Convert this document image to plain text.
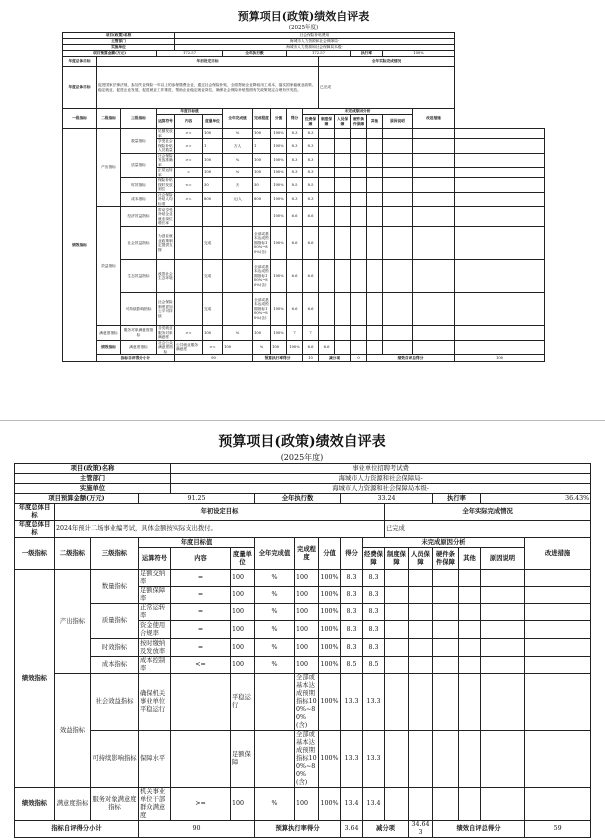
预算项目(政策)绩效自评表
(2025年度)
项目(政策)名称				社会保险补贴费用													
主管部门				海城市人力资源和社会保障局-													
实施单位				海城市人力资源和社会保障局本级-													
项目预算金额(万元)			172.57			全年执行数			172.57				执行率		100%		
年度总体目标	年初设定目标										全年实际完成情况						
年度总体目标	促进国家法律法规，参加失业保险一年以上的参保缴费企业，通过社会保险补贴，全面帮助企业降低用工成本，落实国家稳就业政策，稳定就业，促进企业发展，促进就业工作推进，帮助企业稳定就业岗位，确保社会保险补贴按照有关政策规定合理有序发放。										已完成						
一级指标	二级指标	三级指标	年度目标值			全年完成值	完成程度	分值	得分	未完成原因分析						改进措施	
			运算符号	内容	度量单位					经费保障	制度保障	人员保障	硬件条件保障	其他	原因说明		
绩效指标	产出指标	数量指标	足额发放率	>=	100	%	100	100%	8.3	8.3							
			享受社会保险补贴人员数量	>=	1	万人	1	100%	8.3	8.3							
		质量指标	社会保险发放准确率	>=	100	%	100	100%	8.3	8.3							
			正常运转率	=	100	%	100	100%	8.3	8.3							
		时效指标	保险补贴按时发放到位	<=	30	天	30	100%	8.5	8.5							
		成本指标	社会保险补贴人均标准	>=	800	元/人	800	100%	8.3	8.3							
	效益指标	经济效益指标	带动享受补贴企业就业岗位增长率					100%	6.6	6.6							
		社会效益指标	为创业就业政策制定提供支撑		完成		全部或基本达成预期指标100%~80%(含)	100%	6.6	6.6							
		生态效益指标	改善社会生态环境		完成		全部或基本达成预期指标100%~80%(含)	100%	6.6	6.6							
		可持续影响指标	社会保险制度更加公平可持续		完成		全部或基本达成预期指标100%~80%(含)	100%	6.6	6.6							
	满意度指标	服务对象满意度指标	各类就业服务对象满意度	>=	100	%	100	100%	7	7							
	绩效指标	满意度指标	社会公众满意度指标	公共就业服务满意度	>=	100	%	100	100%	6.6	6.6						
	指标自评得分小计			90			预算执行率得分			10	减分项		0	绩效自评总得分			100
预算项目(政策)绩效自评表
(2025年度)
项目(政策)名称				事业单位招聘考试费													
主管部门				海城市人力资源和社会保障局-													
实施单位				海城市人力资源和社会保障局本级-													
项目预算金额(万元)			91.25			全年执行数			33.24				执行率		36.43%		
年度总体目标	年初设定目标										全年实际完成情况						
年度总体目标	2024年预计二场事业编考试，具体金额按实际支出拨付。										已完成						
一级指标	二级指标	三级指标	年度目标值			全年完成值	完成程度	分值	得分	未完成原因分析						改进措施	
			运算符号	内容	度量单位					经费保障	制度保障	人员保障	硬件条件保障	其他	原因说明		
绩效指标	产出指标	数量指标	足额交纳率	=	100	%	100	100%	8.3	8.3							
			足额保障率	=	100	%	100	100%	8.3	8.3							
		质量指标	正常运转率	=	100	%	100	100%	8.3	8.3							
			资金使用合规率	=	100	%	100	100%	8.3	8.3							
		时效指标	按时缴纳及发放率	=	100	%	100	100%	8.3	8.3							
		成本指标	成本控制率	<=	100	%	100	100%	8.5	8.5							
	效益指标	社会效益指标	确保机关事业单位平稳运行		平稳运行		全部或基本达成预期指标100%~80%(含)	100%	13.3	13.3							
		可持续影响指标	保障水平		足额保障		全部或基本达成预期指标100%~80%(含)	100%	13.3	13.3							
绩效指标	满意度指标	服务对象满意度指标	机关事业单位干部群众满意度	>=	100	%	100	100%	13.4	13.4							
指标自评得分小计			90			预算执行率得分			3.64	减分项		34.643	绩效自评总得分			59	
